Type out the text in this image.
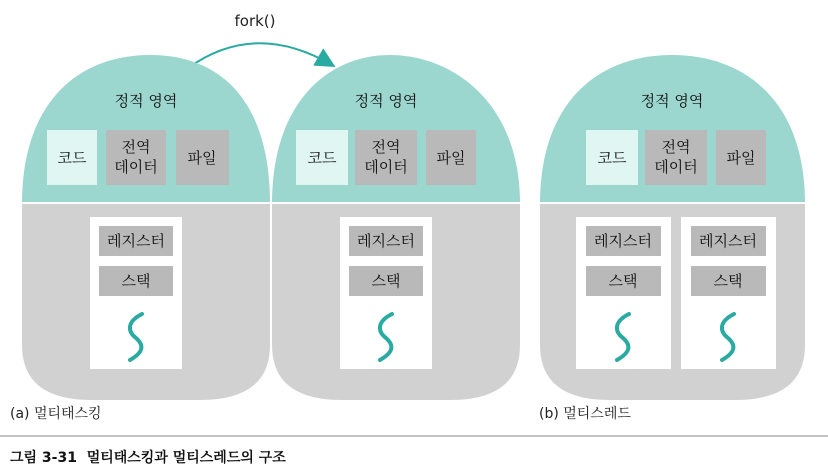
fork()
정적 영역
코드
전역
데이터 파일
레지스터
스택
정적 영역
코드
전역
데이터 파일
레지스터
스택
정적 영역
코드
전역
데이터 파일
레지스터
스택
레지스터
스택
(a) 멀티태스킹	(b) 멀티스레드
그림 3-31  멀티태스킹과 멀티스레드의 구조
